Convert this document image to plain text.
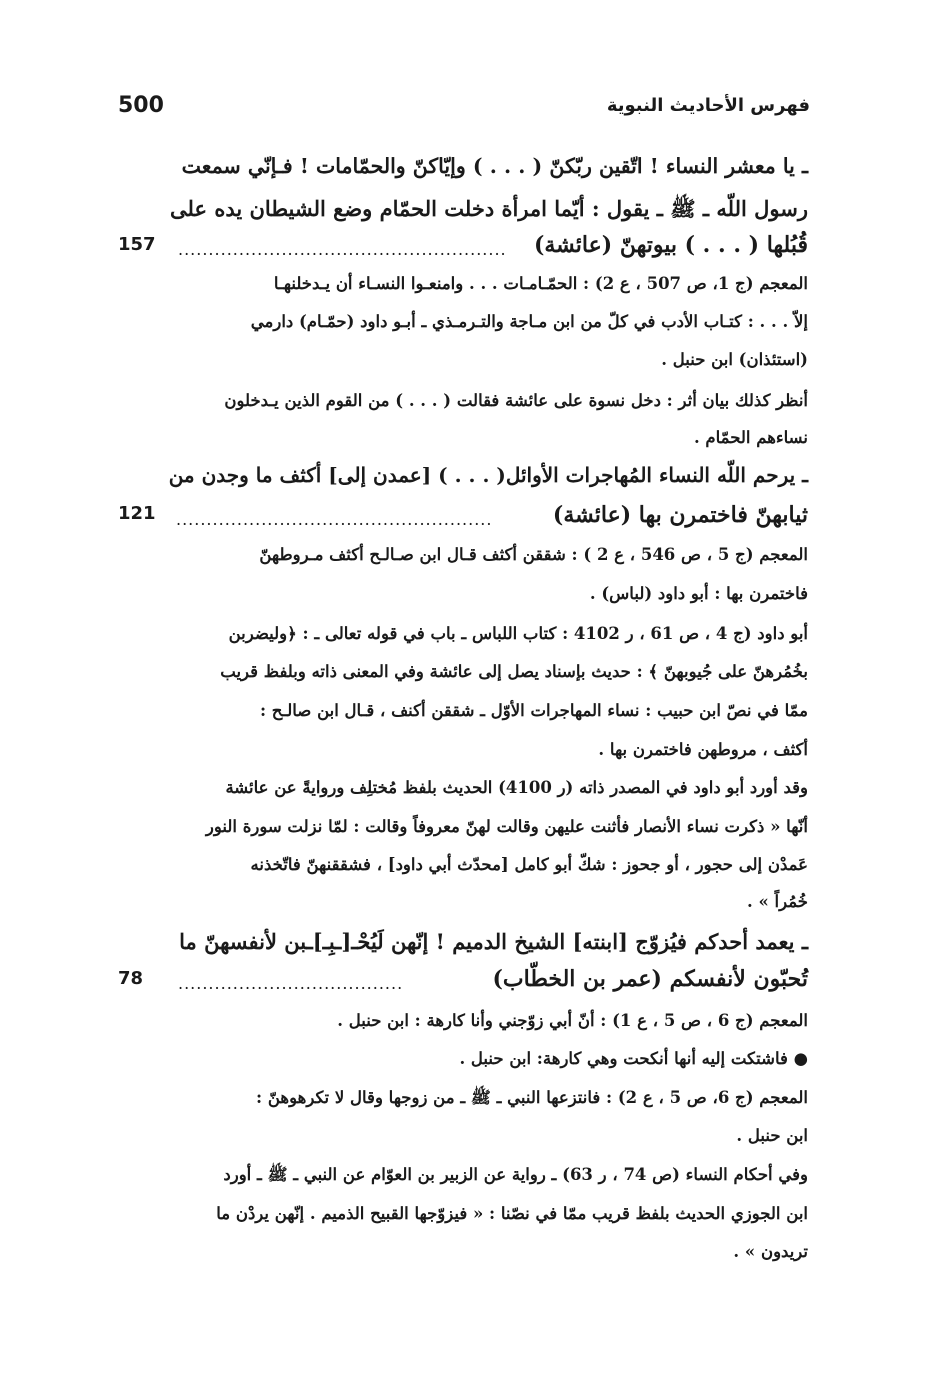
فهرس الأحاديث النبوية
500
ـ يا معشر النساء ! اتّقين ربّكنّ ( . . . ) وإيّاكنّ والحمّامات ! فـإنّي سمعت
رسول اللّه ـ ﷺ ـ يقول : أيّما امرأة دخلت الحمّام وضع الشيطان يده على
قُبُلها ( . . . ) بيوتهنّ (عائشة)
......................................................
157
المعجم (ج 1، ص 507 ، ع 2) : الحمّـامـات . . . وامنعـوا النسـاء أن يـدخلنهـا
إلاّ . . . : كتـاب الأدب في كلّ من ابن مـاجة والتـرمـذي ـ أبـو داود (حمّـام) دارمي
(استئذان) ابن حنبل .
أنظر كذلك بيان أثر : دخل نسوة على عائشة فقالت ( . . . ) من القوم الذين يـدخلون
نساءهم الحمّام .
ـ يرحم اللّه النساء المُهاجرات الأوائل( . . . ) [عمدن إلى] أكثف ما وجدن من
ثيابهنّ فاختمرن بها (عائشة)
....................................................
121
المعجم (ج 5 ، ص 546 ، ع 2 ) : شققن أكثف قـال ابن صـالـح أكثف مـروطهنّ
فاختمرن بها : أبو داود (لباس) .
أبو داود (ج 4 ، ص 61 ، ر 4102 : كتاب اللباس ـ باب في قوله تعالى ـ : ﴿وليضربن
بخُمُرهنّ على جُيوبهنّ ﴾ : حديث بإسناد يصل إلى عائشة وفي المعنى ذاته وبلفظ قريب
ممّا في نصّ ابن حبيب : نساء المهاجرات الأوّل ـ شققن أكنف ، قـال ابن صالـح :
أكثف ، مروطهن فاختمرن بها .
وقد أورد أبو داود في المصدر ذاته (ر 4100) الحديث بلفظ مُختلِف وروايةً عن عائشة
أنّها « ذكرت نساء الأنصار فأثنت عليهن وقالت لهنّ معروفاً وقالت : لمّا نزلت سورة النور
عَمدْن إلى حجور ، أو جحوز : شكّ أبو كامل [محدّث أبي داود] ، فشققنهنّ فاتّخذنه
خُمُراً » .
ـ يعمد أحدكم فيُزوّج [ابنته] الشيخ الدميم ! إنّهن لَيُحْـ[ـبِـ]ـبن لأنفسهنّ ما
تُحبّون لأنفسكم (عمر بن الخطّاب)
.....................................
78
المعجم (ج 6 ، ص 5 ، ع 1) : أنّ أبي زوّجني وأنا كارهة : ابن حنبل .
● فاشتكت إليه أنها أنكحت وهي كارهة: ابن حنبل .
المعجم (ج 6، ص 5 ، ع 2) : فانتزعها النبي ـ ﷺ ـ من زوجها وقال لا تكرهوهنّ :
ابن حنبل .
وفي أحكام النساء (ص 74 ، ر 63) ـ رواية عن الزبير بن العوّام عن النبي ـ ﷺ ـ أورد
ابن الجوزي الحديث بلفظ قريب ممّا في نصّنا : « فيزوّجها القبيح الذميم . إنّهن يردْن ما
تريدون » .
